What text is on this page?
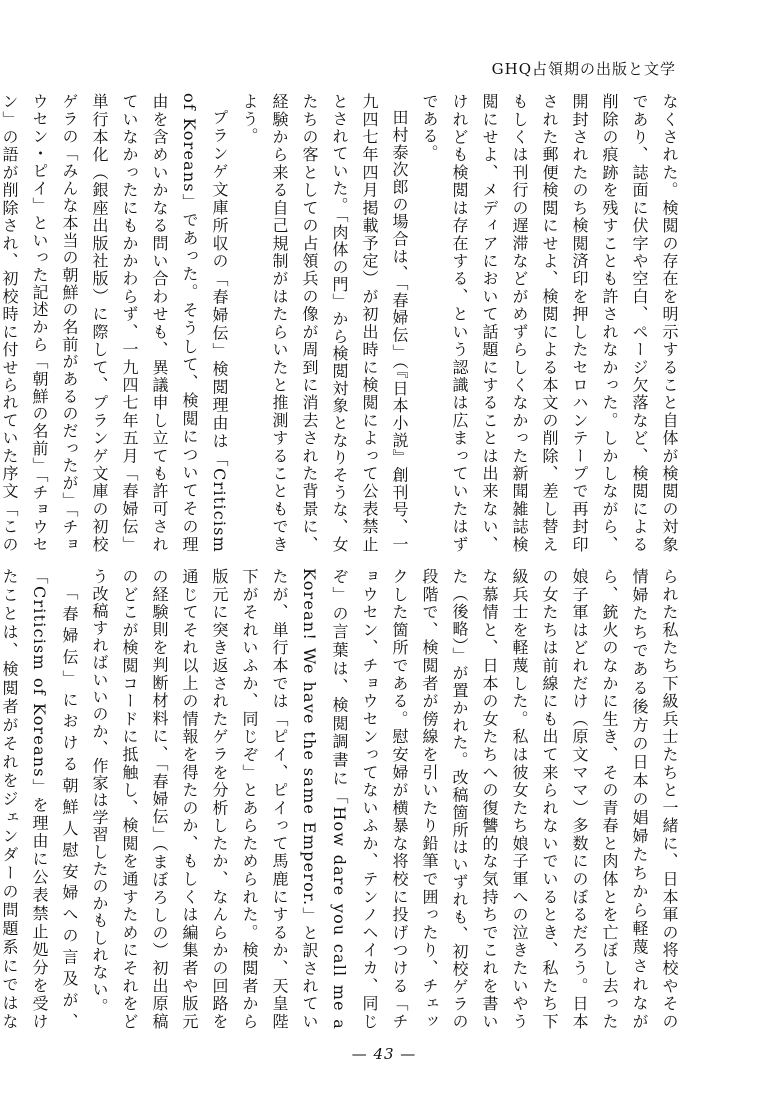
GHQ占領期の出版と文学

なくされた。検閲の存在を明示すること自体が検閲の対象であり、誌面に伏字や空白、ページ欠落など、検閲による削除の痕跡を残すことも許されなかった。しかしながら、開封されたのち検閲済印を押したセロハンテープで再封印された郵便検閲にせよ、検閲による本文の削除、差し替えもしくは刊行の遅滞などがめずらしくなかった新聞雑誌検閲にせよ、メディアにおいて話題にすることは出来ない、けれども検閲は存在する、という認識は広まっていたはずである。

田村泰次郎の場合は、「春婦伝」（『日本小説』創刊号、一九四七年四月掲載予定）が初出時に検閲によって公表禁止とされていた。「肉体の門」から検閲対象となりそうな、女たちの客としての占領兵の像が周到に消去された背景に、経験から来る自己規制がはたらいたと推測することもできよう。

プランゲ文庫所収の「春婦伝」検閲理由は「Criticism of Koreans」であった。そうして、検閲についてその理由を含めいかなる問い合わせも、異議申し立ても許可されていなかったにもかかわらず、一九四七年五月「春婦伝」単行本化（銀座出版社版）に際して、プランゲ文庫の初校ゲラの「みんな本当の朝鮮の名前があるのだったが」「チョウセン・ピイ」といった記述から「朝鮮の名前」「チョウセン」の語が削除され、初校時に付せられていた序文「この

られた私たち下級兵士たちと一緒に、日本軍の将校やその情婦たちである後方の日本の娼婦たちから軽蔑されながら、銃火のなかに生き、その青春と肉体とを亡ぼし去った娘子軍はどれだけ（原文ママ）多数にのぼるだろう。日本の女たちは前線にも出て来られないでいるとき、私たち下級兵士を軽蔑した。私は彼女たち娘子軍への泣きたいやうな慕情と、日本の女たちへの復讐的な気持ちでこれを書いた（後略）」が置かれた。改稿箇所はいずれも、初校ゲラの段階で、検閲者が傍線を引いたり鉛筆で囲ったり、チェックした箇所である。慰安婦が横暴な将校に投げつける「チョウセン、チョウセンってないふか、テンノヘイカ、同じぞ」の言葉は、検閲調書に「How dare you call me a Korean! We have the same Emperor.」と訳されていたが、単行本では「ピイ、ピイって馬鹿にするか、天皇陛下がそれいふか、同じぞ」とあらためられた。検閲者から版元に突き返されたゲラを分析したか、なんらかの回路を通じてそれ以上の情報を得たのか、もしくは編集者や版元の経験則を判断材料に、「春婦伝」（まぼろしの）初出原稿のどこが検閲コードに抵触し、検閲を通すためにそれをどう改稿すればいいのか、作家は学習したのかもしれない。

「春婦伝」における朝鮮人慰安婦への言及が、「Criticism of Koreans」を理由に公表禁止処分を受けたことは、検閲者がそれをジェンダーの問題系にではな

— 43 —
